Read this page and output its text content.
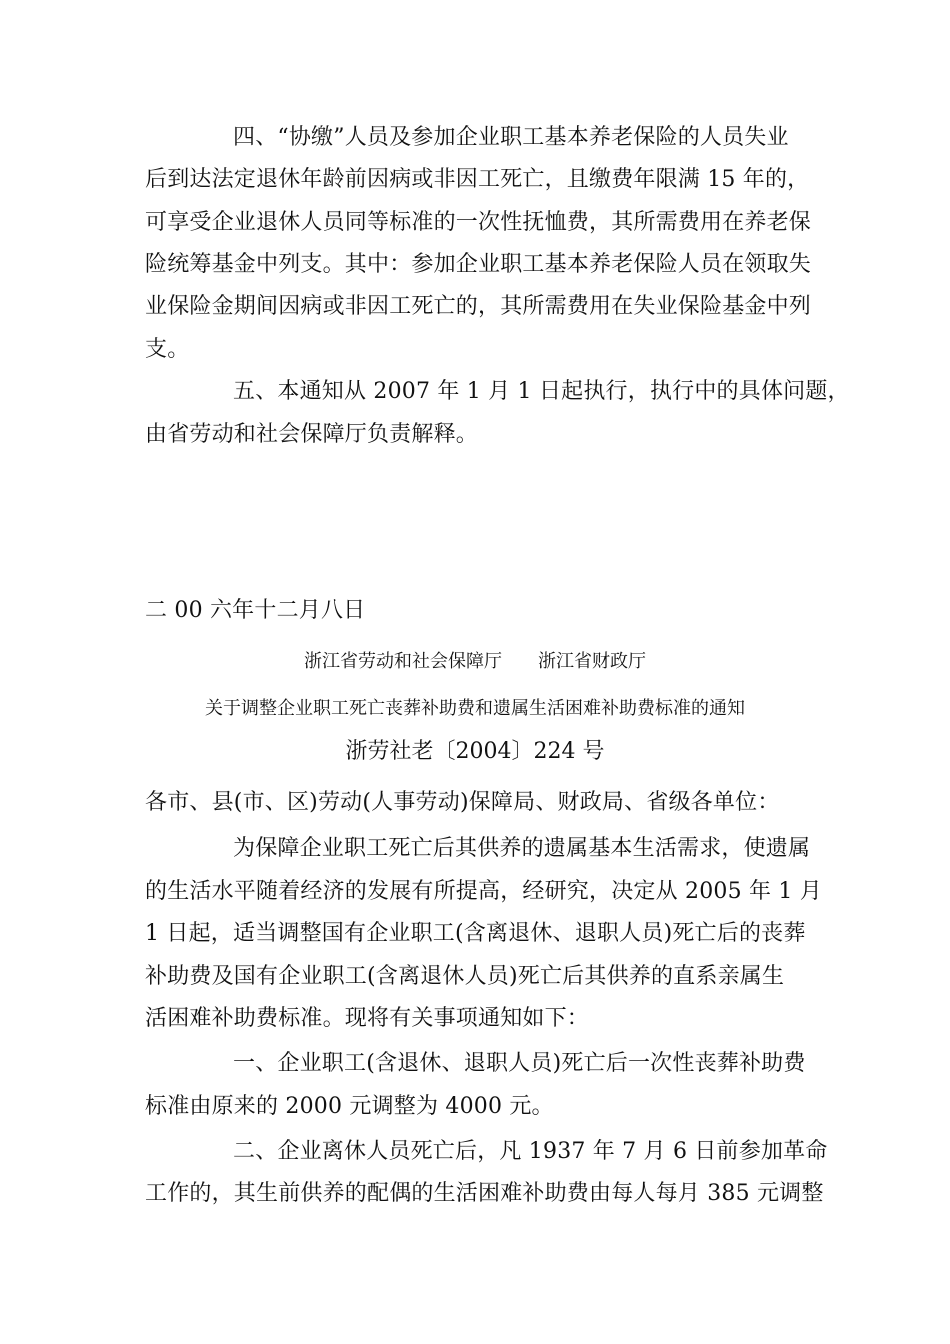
四、“协缴”人员及参加企业职工基本养老保险的人员失业
后到达法定退休年龄前因病或非因工死亡，且缴费年限满 15 年的，
可享受企业退休人员同等标准的一次性抚恤费，其所需费用在养老保
险统筹基金中列支。其中：参加企业职工基本养老保险人员在领取失
业保险金期间因病或非因工死亡的，其所需费用在失业保险基金中列
支。
五、本通知从 2007 年 1 月 1 日起执行，执行中的具体问题，
由省劳动和社会保障厅负责解释。
二 00 六年十二月八日
浙江省劳动和社会保障厅　　浙江省财政厅
关于调整企业职工死亡丧葬补助费和遗属生活困难补助费标准的通知
浙劳社老〔2004〕224 号
各市、县(市、区)劳动(人事劳动)保障局、财政局、省级各单位：
为保障企业职工死亡后其供养的遗属基本生活需求，使遗属
的生活水平随着经济的发展有所提高，经研究，决定从 2005 年 1 月
1 日起，适当调整国有企业职工(含离退休、退职人员)死亡后的丧葬
补助费及国有企业职工(含离退休人员)死亡后其供养的直系亲属生
活困难补助费标准。现将有关事项通知如下：
一、企业职工(含退休、退职人员)死亡后一次性丧葬补助费
标准由原来的 2000 元调整为 4000 元。
二、企业离休人员死亡后，凡 1937 年 7 月 6 日前参加革命
工作的，其生前供养的配偶的生活困难补助费由每人每月 385 元调整
